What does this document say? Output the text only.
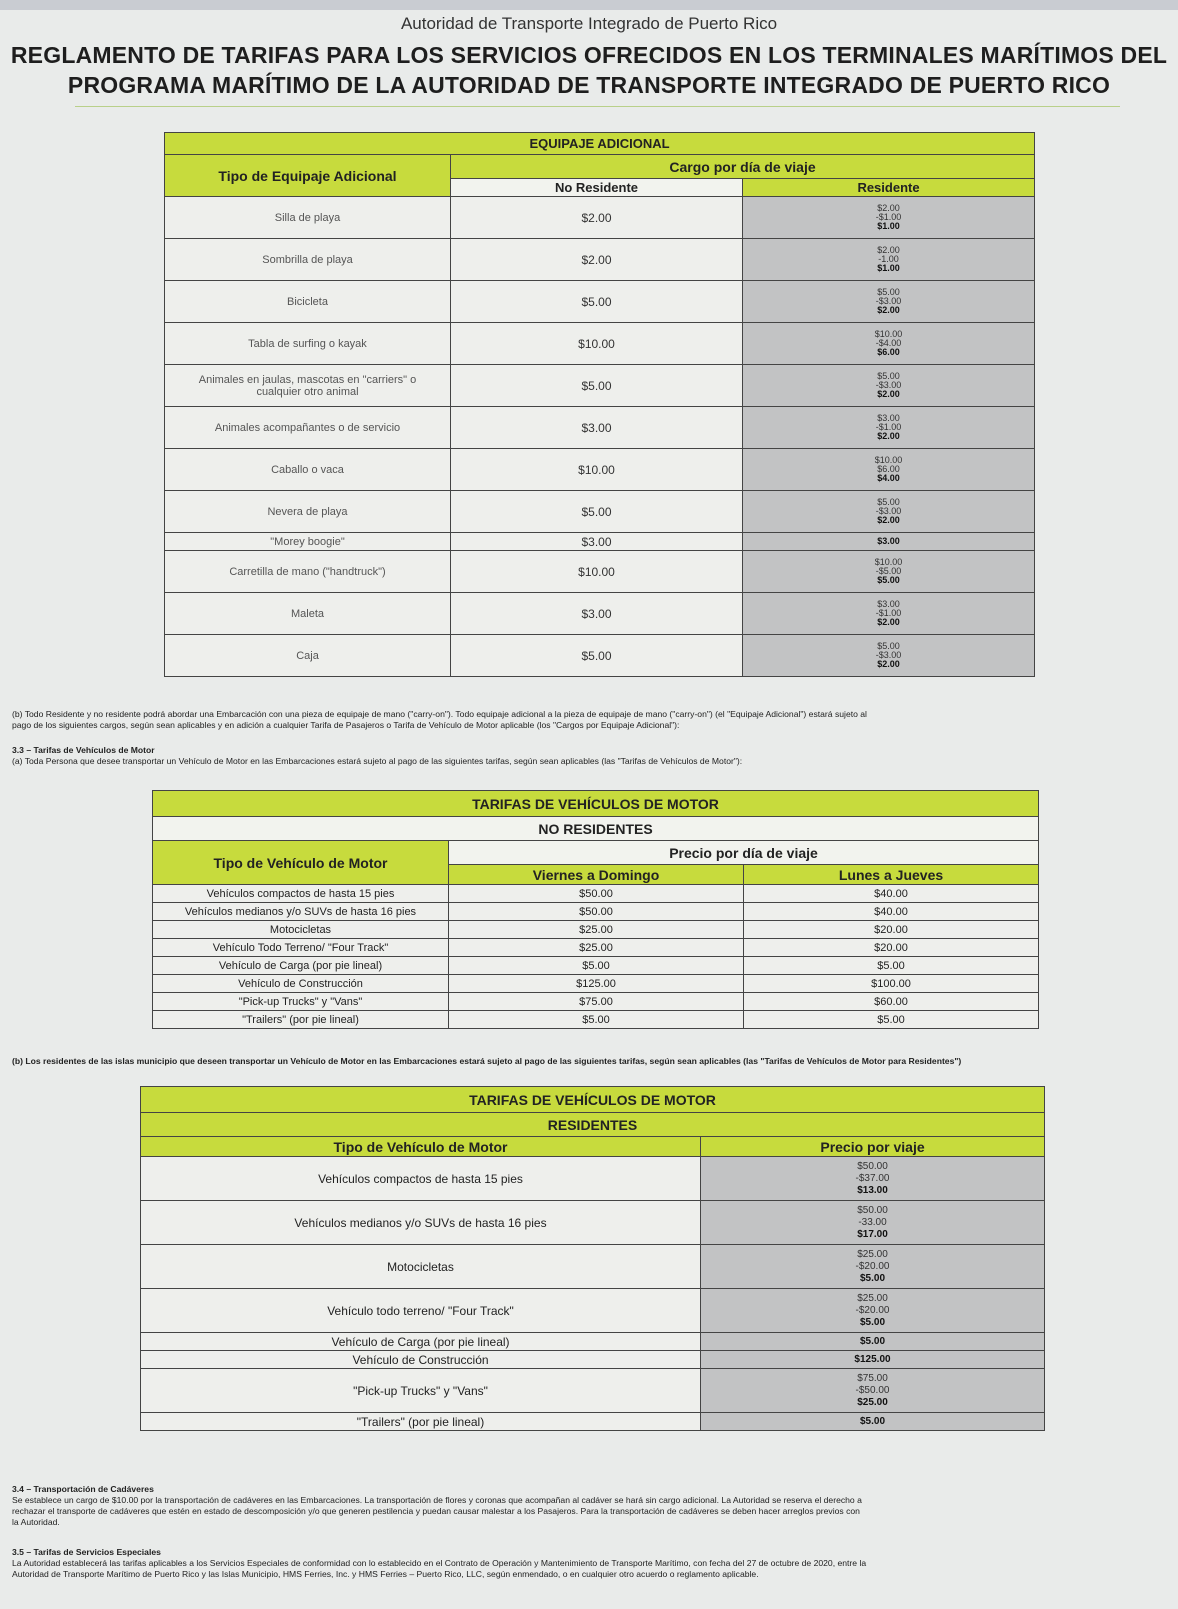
Autoridad de Transporte Integrado de Puerto Rico
REGLAMENTO DE TARIFAS PARA LOS SERVICIOS OFRECIDOS EN LOS TERMINALES MARÍTIMOS DEL
PROGRAMA MARÍTIMO DE LA AUTORIDAD DE TRANSPORTE INTEGRADO DE PUERTO RICO
EQUIPAJE ADICIONAL		
Tipo de Equipaje Adicional	Cargo por día de viaje	
	No Residente	Residente
Silla de playa	$2.00	$2.00
-$1.00
$1.00

Sombrilla de playa	$2.00	$2.00
-1.00
$1.00

Bicicleta	$5.00	$5.00
-$3.00
$2.00

Tabla de surfing o kayak	$10.00	$10.00
-$4.00
$6.00

Animales en jaulas, mascotas en "carriers" o cualquier otro animal	$5.00	$5.00
-$3.00
$2.00

Animales acompañantes o de servicio	$3.00	$3.00
-$1.00
$2.00

Caballo o vaca	$10.00	$10.00
$6.00
$4.00

Nevera de playa	$5.00	$5.00
-$3.00
$2.00

"Morey boogie"	$3.00	$3.00

Carretilla de mano ("handtruck")	$10.00	$10.00
-$5.00
$5.00

Maleta	$3.00	$3.00
-$1.00
$2.00

Caja	$5.00	$5.00
-$3.00
$2.00
(b) Todo Residente y no residente podrá abordar una Embarcación con una pieza de equipaje de mano ("carry-on"). Todo equipaje adicional a la pieza de equipaje de mano ("carry-on") (el "Equipaje Adicional") estará sujeto al
pago de los siguientes cargos, según sean aplicables y en adición a cualquier Tarifa de Pasajeros o Tarifa de Vehículo de Motor aplicable (los "Cargos por Equipaje Adicional"):
3.3 – Tarifas de Vehículos de Motor
(a) Toda Persona que desee transportar un Vehículo de Motor en las Embarcaciones estará sujeto al pago de las siguientes tarifas, según sean aplicables (las "Tarifas de Vehículos de Motor"):
TARIFAS DE VEHÍCULOS DE MOTOR		
NO RESIDENTES		
Tipo de Vehículo de Motor	Precio por día de viaje	
	Viernes a Domingo	Lunes a Jueves
Vehículos compactos de hasta 15 pies	$50.00	$40.00
Vehículos medianos y/o SUVs de hasta 16 pies	$50.00	$40.00
Motocicletas	$25.00	$20.00
Vehículo Todo Terreno/ "Four Track"	$25.00	$20.00
Vehículo de Carga (por pie lineal)	$5.00	$5.00
Vehículo de Construcción	$125.00	$100.00
"Pick-up Trucks" y "Vans"	$75.00	$60.00
"Trailers" (por pie lineal)	$5.00	$5.00
(b) Los residentes de las islas municipio que deseen transportar un Vehículo de Motor en las Embarcaciones estará sujeto al pago de las siguientes tarifas, según sean aplicables (las "Tarifas de Vehículos de Motor para Residentes")
TARIFAS DE VEHÍCULOS DE MOTOR	
RESIDENTES	
Tipo de Vehículo de Motor	Precio por viaje
Vehículos compactos de hasta 15 pies	$50.00
-$37.00
$13.00

Vehículos medianos y/o SUVs de hasta 16 pies	$50.00
-33.00
$17.00

Motocicletas	$25.00
-$20.00
$5.00

Vehículo todo terreno/ "Four Track"	$25.00
-$20.00
$5.00

Vehículo de Carga (por pie lineal)	$5.00

Vehículo de Construcción	$125.00

"Pick-up Trucks" y "Vans"	$75.00
-$50.00
$25.00

"Trailers" (por pie lineal)	$5.00
3.4 – Transportación de Cadáveres
Se establece un cargo de $10.00 por la transportación de cadáveres en las Embarcaciones. La transportación de flores y coronas que acompañan al cadáver se hará sin cargo adicional. La Autoridad se reserva el derecho a
rechazar el transporte de cadáveres que estén en estado de descomposición y/o que generen pestilencia y puedan causar malestar a los Pasajeros. Para la transportación de cadáveres se deben hacer arreglos previos con
la Autoridad.
3.5 – Tarifas de Servicios Especiales
La Autoridad establecerá las tarifas aplicables a los Servicios Especiales de conformidad con lo establecido en el Contrato de Operación y Mantenimiento de Transporte Marítimo, con fecha del 27 de octubre de 2020, entre la
Autoridad de Transporte Marítimo de Puerto Rico y las Islas Municipio, HMS Ferries, Inc. y HMS Ferries – Puerto Rico, LLC, según enmendado, o en cualquier otro acuerdo o reglamento aplicable.
